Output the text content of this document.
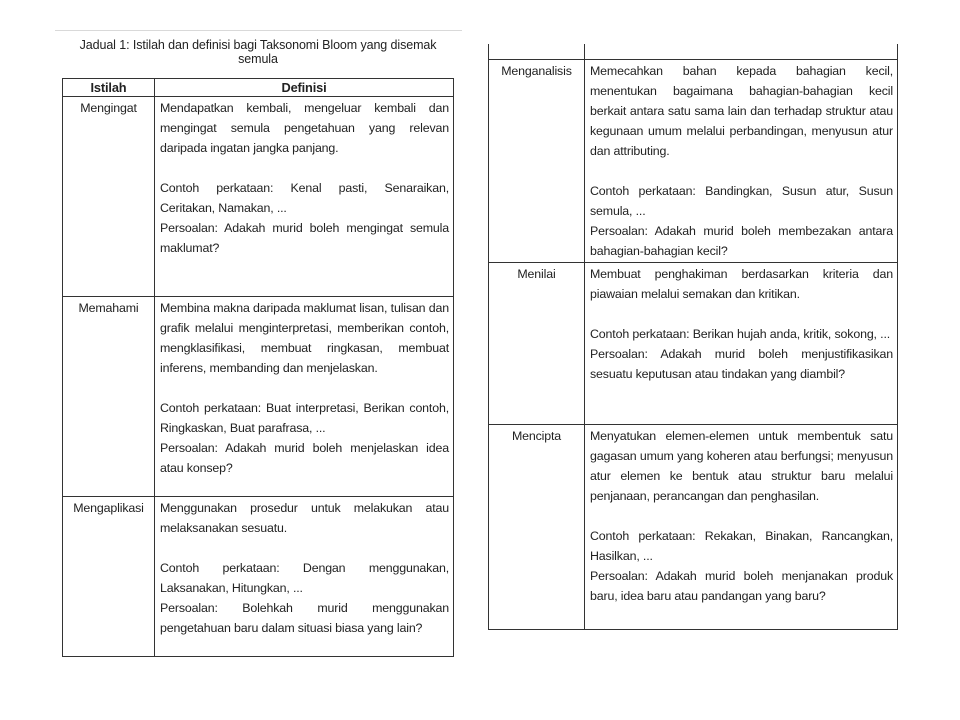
Jadual 1: Istilah dan definisi bagi Taksonomi Bloom yang disemak semula
Istilah	Definisi
Mengingat	Mendapatkan kembali, mengeluar kembali dan mengingat semula pengetahuan yang relevan daripada ingatan jangka panjang.

Contoh perkataan: Kenal pasti, Senaraikan, Ceritakan, Namakan, ...

Persoalan: Adakah murid boleh mengingat semula maklumat?

Memahami	Membina makna daripada maklumat lisan, tulisan dan grafik melalui menginterpretasi, memberikan contoh, mengklasifikasi, membuat ringkasan, membuat inferens, membanding dan menjelaskan.

Contoh perkataan: Buat interpretasi, Berikan contoh, Ringkaskan, Buat parafrasa, ...

Persoalan: Adakah murid boleh menjelaskan idea atau konsep?

Mengaplikasi	Menggunakan prosedur untuk melakukan atau melaksanakan sesuatu.

Contoh perkataan: Dengan menggunakan, Laksanakan, Hitungkan, ...

Persoalan: Bolehkah murid menggunakan pengetahuan baru dalam situasi biasa yang lain?

Menganalisis	Memecahkan bahan kepada bahagian kecil, menentukan bagaimana bahagian-bahagian kecil berkait antara satu sama lain dan terhadap struktur atau kegunaan umum melalui perbandingan, menyusun atur dan attributing.

Contoh perkataan: Bandingkan, Susun atur, Susun semula, ...

Persoalan: Adakah murid boleh membezakan antara bahagian-bahagian kecil?

Menilai	Membuat penghakiman berdasarkan kriteria dan piawaian melalui semakan dan kritikan.

Contoh perkataan: Berikan hujah anda, kritik, sokong, ...

Persoalan: Adakah murid boleh menjustifikasikan sesuatu keputusan atau tindakan yang diambil?

Mencipta	Menyatukan elemen-elemen untuk membentuk satu gagasan umum yang koheren atau berfungsi; menyusun atur elemen ke bentuk atau struktur baru melalui penjanaan, perancangan dan penghasilan.

Contoh perkataan: Rekakan, Binakan, Rancangkan, Hasilkan, ...

Persoalan: Adakah murid boleh menjanakan produk baru, idea baru atau pandangan yang baru?
